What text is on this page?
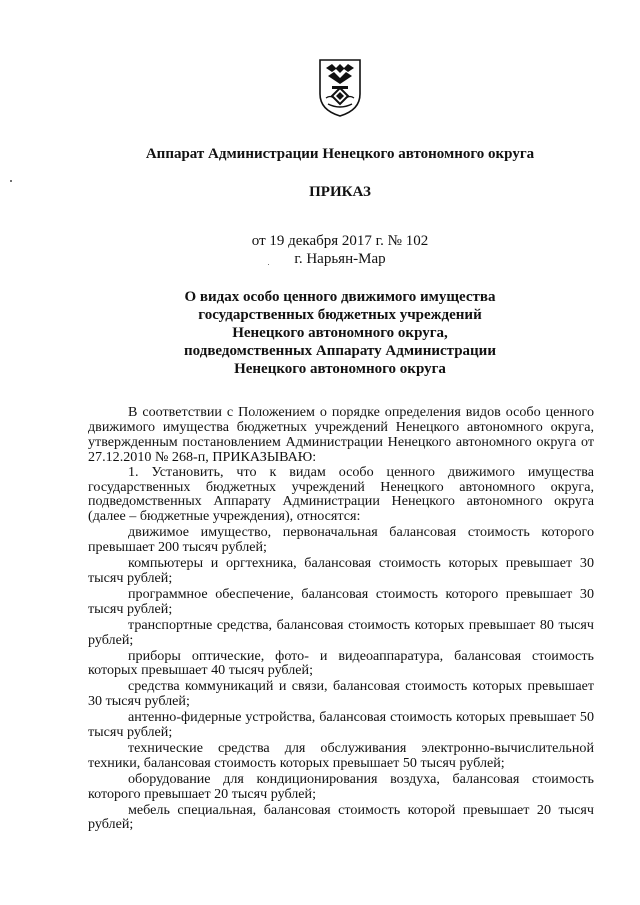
Аппарат Администрации Ненецкого автономного округа
ПРИКАЗ
от 19 декабря 2017 г. № 102
г. Нарьян-Мар
О видах особо ценного движимого имущества
государственных бюджетных учреждений
Ненецкого автономного округа,
подведомственных Аппарату Администрации
Ненецкого автономного округа

В соответствии с Положением о порядке определения видов особо ценного движимого имущества бюджетных учреждений Ненецкого автономного округа, утвержденным постановлением Администрации Ненецкого автономного округа от 27.12.2010 № 268-п, ПРИКАЗЫВАЮ:

1. Установить, что к видам особо ценного движимого имущества государственных бюджетных учреждений Ненецкого автономного округа, подведомственных Аппарату Администрации Ненецкого автономного округа (далее – бюджетные учреждения), относятся:

движимое имущество, первоначальная балансовая стоимость которого превышает 200 тысяч рублей;

компьютеры и оргтехника, балансовая стоимость которых превышает 30 тысяч рублей;

программное обеспечение, балансовая стоимость которого превышает 30 тысяч рублей;

транспортные средства, балансовая стоимость которых превышает 80 тысяч рублей;

приборы оптические, фото- и видеоаппаратура, балансовая стоимость которых превышает 40 тысяч рублей;

средства коммуникаций и связи, балансовая стоимость которых превышает 30 тысяч рублей;

антенно-фидерные устройства, балансовая стоимость которых превышает 50 тысяч рублей;

технические средства для обслуживания электронно-вычислительной техники, балансовая стоимость которых превышает 50 тысяч рублей;

оборудование для кондиционирования воздуха, балансовая стоимость которого превышает 20 тысяч рублей;

мебель специальная, балансовая стоимость которой превышает 20 тысяч рублей;
